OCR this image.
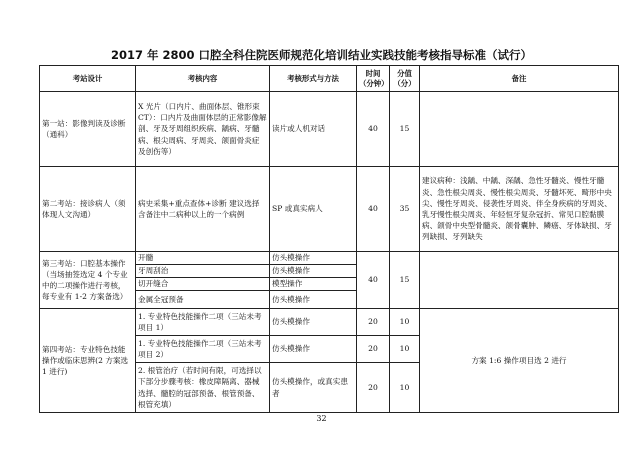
2017 年 2800 口腔全科住院医师规范化培训结业实践技能考核指导标准（试行）
考站设计	考核内容	考核形式与方法	时间（分钟）	分值（分）	备注
第一站：影像判读及诊断（通科）	X 光片（口内片、曲面体层、锥形束 CT）：口内片及曲面体层的正常影像解剖、牙及牙周组织疾病、龋病、牙髓病、根尖周病、牙周炎、颌面骨炎症及创伤等）	读片或人机对话	40	15	
第二考站：接诊病人（须体现人文沟通）	病史采集+重点查体+诊断 建议选择含备注中二病种以上的一个病例	SP 或真实病人	40	35	建议病种：浅龋、中龋、深龋、急性牙髓炎、慢性牙髓炎、急性根尖周炎、慢性根尖周炎、牙髓坏死、畸形中央尖、慢性牙周炎、侵袭性牙周炎、伴全身疾病的牙周炎、乳牙慢性根尖周炎、年轻恒牙复杂冠折、常见口腔黏膜病、颌骨中央型骨髓炎、颌骨囊肿、鳞癌、牙体缺损、牙列缺损、牙列缺失
第三考站：口腔基本操作（当场抽签选定 4 个专业中的二项操作进行考核，每专业有 1-2 方案备选）	开髓	仿头模操作	40	15	
	牙周刮治	仿头模操作			
	切开缝合	模型操作			
	金属全冠预备	仿头模操作			
第四考站：专业特色技能操作或临床思辨(2 方案选 1 进行)	1. 专业特色技能操作二项（三站未考项目 1）	仿头模操作	20	10	方案 1:6 操作项目选 2 进行
	1. 专业特色技能操作二项（三站未考项目 2）	仿头模操作	20	10	
	2. 根管治疗（若时间有限，可选择以下部分步骤考核：橡皮障隔离、器械选择、髓腔的冠部预备、根管预备、根管充填）	仿头模操作，或真实患者	20	10	
32
